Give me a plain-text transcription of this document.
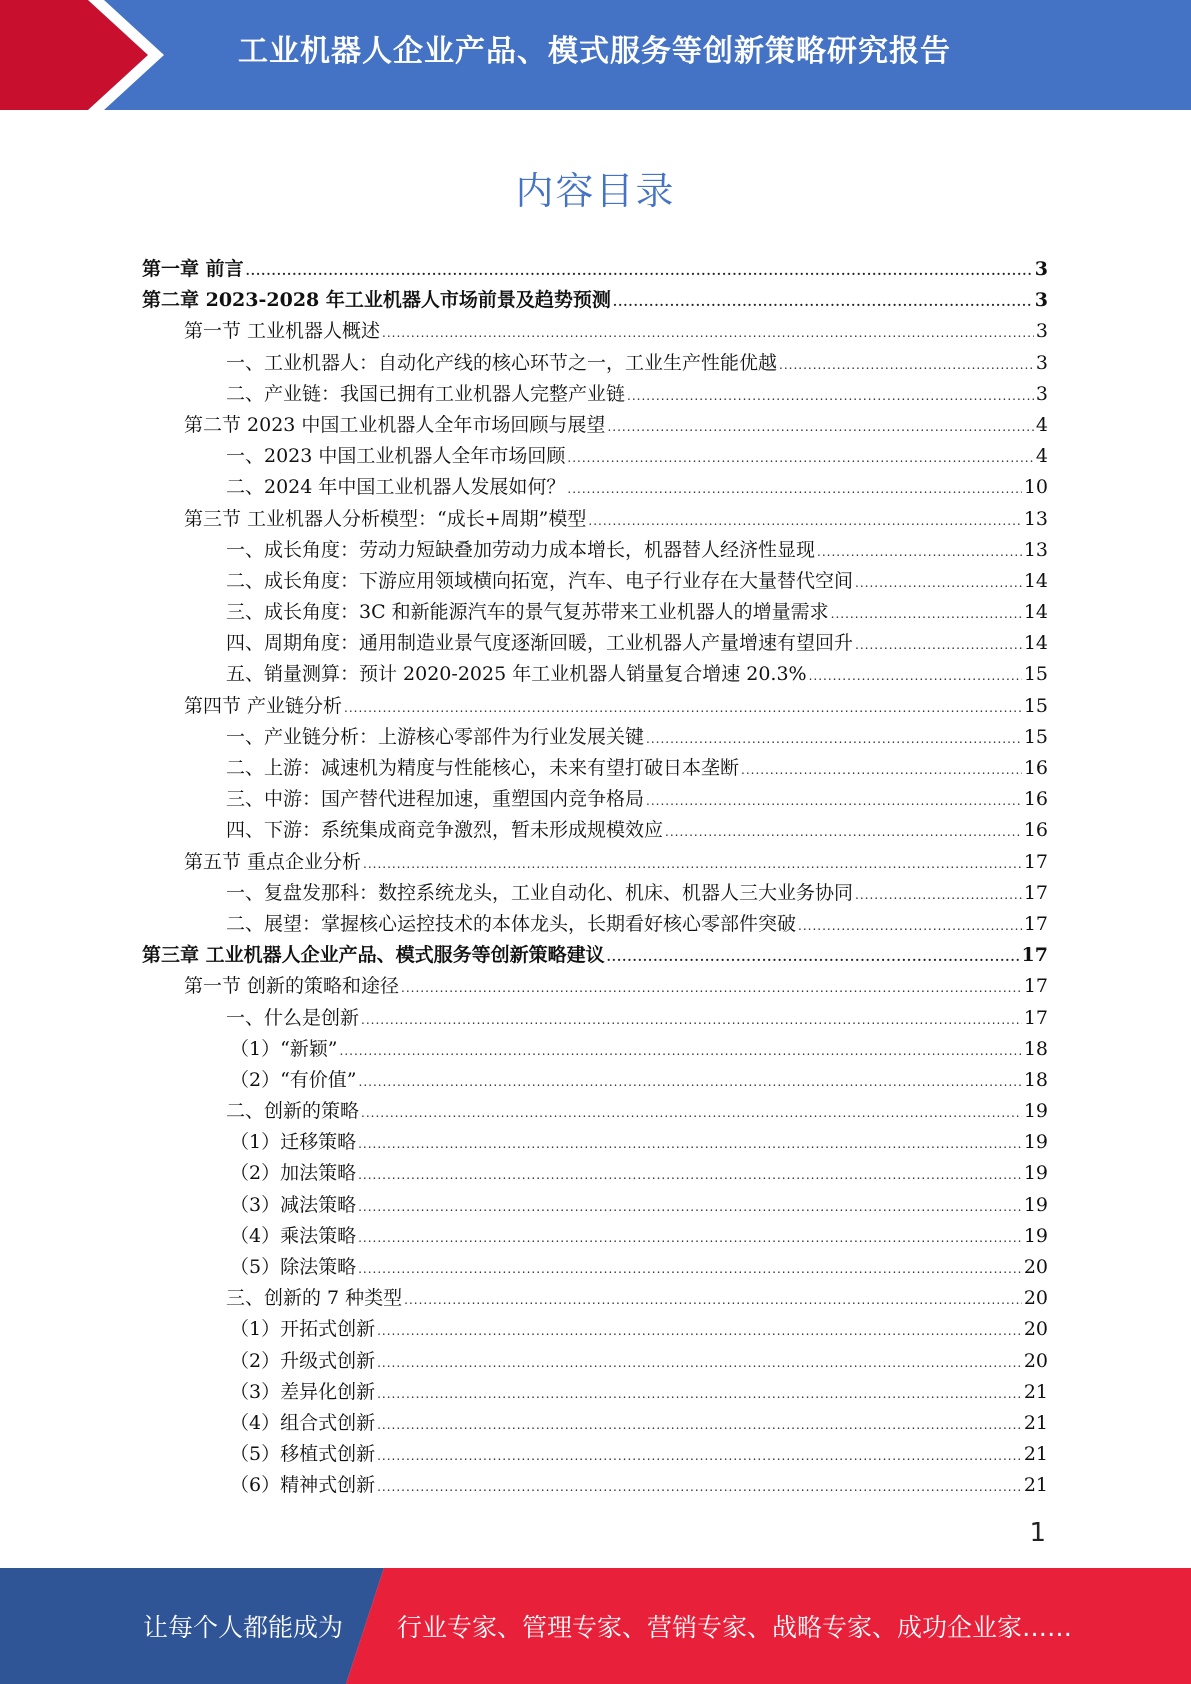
工业机器人企业产品、模式服务等创新策略研究报告
内容目录
第一章 前言 .....	3
第二章 2023-2028 年工业机器人市场前景及趋势预测 .....	3
第一节 工业机器人概述 .....	3
一、工业机器人：自动化产线的核心环节之一，工业生产性能优越 .....	3
二、产业链：我国已拥有工业机器人完整产业链 .....	3
第二节 2023 中国工业机器人全年市场回顾与展望 .....	4
一、2023 中国工业机器人全年市场回顾 .....	4
二、2024 年中国工业机器人发展如何？ .....	10
第三节 工业机器人分析模型：“成长+周期”模型 .....	13
一、成长角度：劳动力短缺叠加劳动力成本增长，机器替人经济性显现 .....	13
二、成长角度：下游应用领域横向拓宽，汽车、电子行业存在大量替代空间 .....	14
三、成长角度：3C 和新能源汽车的景气复苏带来工业机器人的增量需求 .....	14
四、周期角度：通用制造业景气度逐渐回暖，工业机器人产量增速有望回升 .....	14
五、销量测算：预计 2020-2025 年工业机器人销量复合增速 20.3% .....	15
第四节 产业链分析 .....	15
一、产业链分析：上游核心零部件为行业发展关键 .....	15
二、上游：减速机为精度与性能核心，未来有望打破日本垄断 .....	16
三、中游：国产替代进程加速，重塑国内竞争格局 .....	16
四、下游：系统集成商竞争激烈，暂未形成规模效应 .....	16
第五节 重点企业分析 .....	17
一、复盘发那科：数控系统龙头，工业自动化、机床、机器人三大业务协同 .....	17
二、展望：掌握核心运控技术的本体龙头，长期看好核心零部件突破 .....	17
第三章 工业机器人企业产品、模式服务等创新策略建议 .....	17
第一节 创新的策略和途径 .....	17
一、什么是创新 .....	17
（1）“新颖” .....	18
（2）“有价值” .....	18
二、创新的策略 .....	19
（1）迁移策略 .....	19
（2）加法策略 .....	19
（3）减法策略 .....	19
（4）乘法策略 .....	19
（5）除法策略 .....	20
三、创新的 7 种类型 .....	20
（1）开拓式创新 .....	20
（2）升级式创新 .....	20
（3）差异化创新 .....	21
（4）组合式创新 .....	21
（5）移植式创新 .....	21
（6）精神式创新 .....	21
1
让每个人都能成为 行业专家、管理专家、营销专家、战略专家、成功企业家……
